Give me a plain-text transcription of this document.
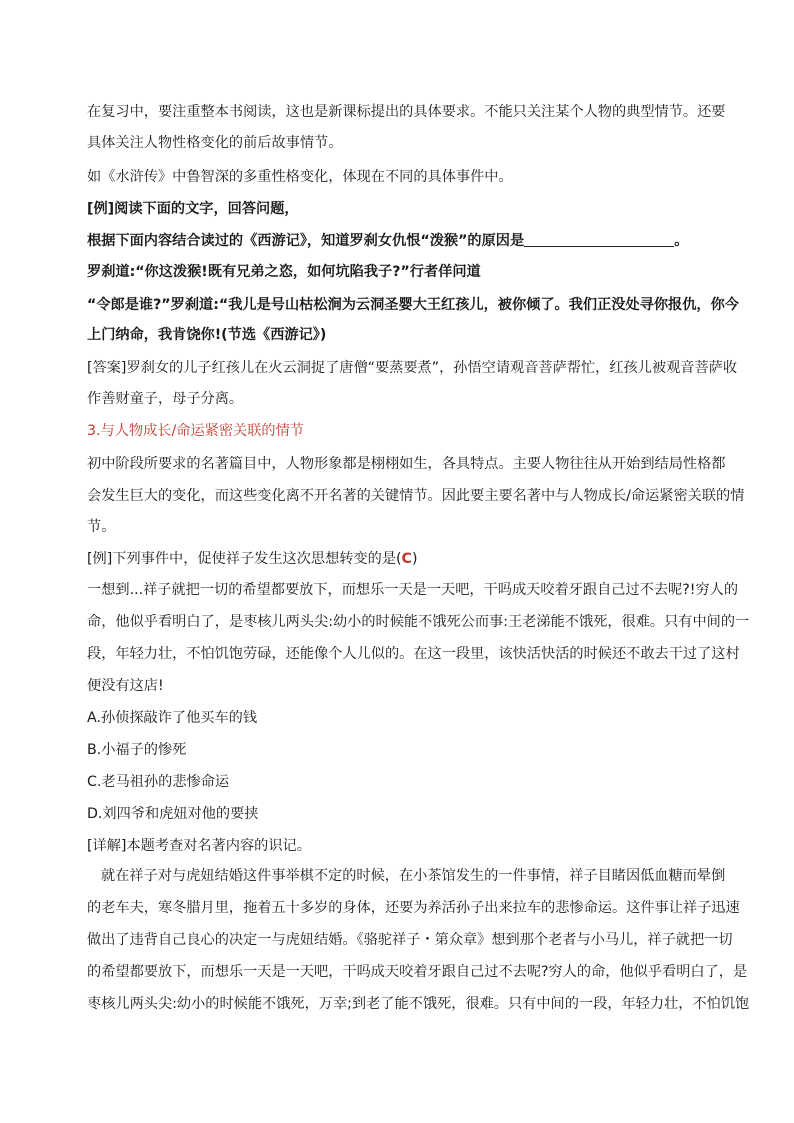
在复习中，要注重整本书阅读，这也是新课标提出的具体要求。不能只关注某个人物的典型情节。还要
具体关注人物性格变化的前后故事情节。
如《水浒传》中鲁智深的多重性格变化，体现在不同的具体事件中。
[例]阅读下面的文字，回答问题，
根据下面内容结合读过的《西游记》，知道罗刹女仇恨“泼猴”的原因是	。
罗刹道:“你这泼猴!既有兄弟之恣，如何坑陷我子?”行者佯问道
“令郎是谁?”罗刹道:“我儿是号山枯松涧为云洞圣婴大王红孩儿，被你倾了。我们正没处寻你报仇，你今
上门纳命，我肯饶你!(节选《西游记》)
[答案]罗刹女的儿子红孩儿在火云洞捉了唐僧“要蒸要煮”，孙悟空请观音菩萨帮忙，红孩儿被观音菩萨收
作善财童子，母子分离。
3.与人物成长/命运紧密关联的情节
初中阶段所要求的名著篇目中，人物形象都是栩栩如生，各具特点。主要人物往往从开始到结局性格都
会发生巨大的变化，而这些变化离不开名著的关键情节。因此要主要名著中与人物成长/命运紧密关联的情
节。
[例]下列事件中，促使祥子发生这次思想转变的是(C)
一想到...祥子就把一切的希望都要放下，而想乐一天是一天吧，干吗成天咬着牙跟自己过不去呢?!穷人的
命，他似乎看明白了，是枣核儿两头尖:幼小的时候能不饿死公而事:王老涕能不饿死，很难。只有中间的一
段，年轻力壮，不怕饥饱劳碌，还能像个人儿似的。在这一段里，该快活快活的时候还不敢去干过了这村
便没有这店!
A.孙侦探敲诈了他买车的钱
B.小福子的惨死
C.老马祖孙的悲惨命运
D.刘四爷和虎妞对他的要挟
[详解]本题考查对名著内容的识记。
就在祥子对与虎妞结婚这件事举棋不定的时候，在小茶馆发生的一件事情，祥子目睹因低血糖而晕倒
的老车夫，寒冬腊月里，拖着五十多岁的身体，还要为养活孙子出来拉车的悲惨命运。这件事让祥子迅速
做出了违背自己良心的决定一与虎妞结婚。《骆驼祥子・第众章》想到那个老者与小马儿，祥子就把一切
的希望都要放下，而想乐一天是一天吧，干吗成天咬着牙跟自己过不去呢?穷人的命，他似乎看明白了，是
枣核儿两头尖:幼小的时候能不饿死，万幸;到老了能不饿死，很难。只有中间的一段，年轻力壮，不怕饥饱
